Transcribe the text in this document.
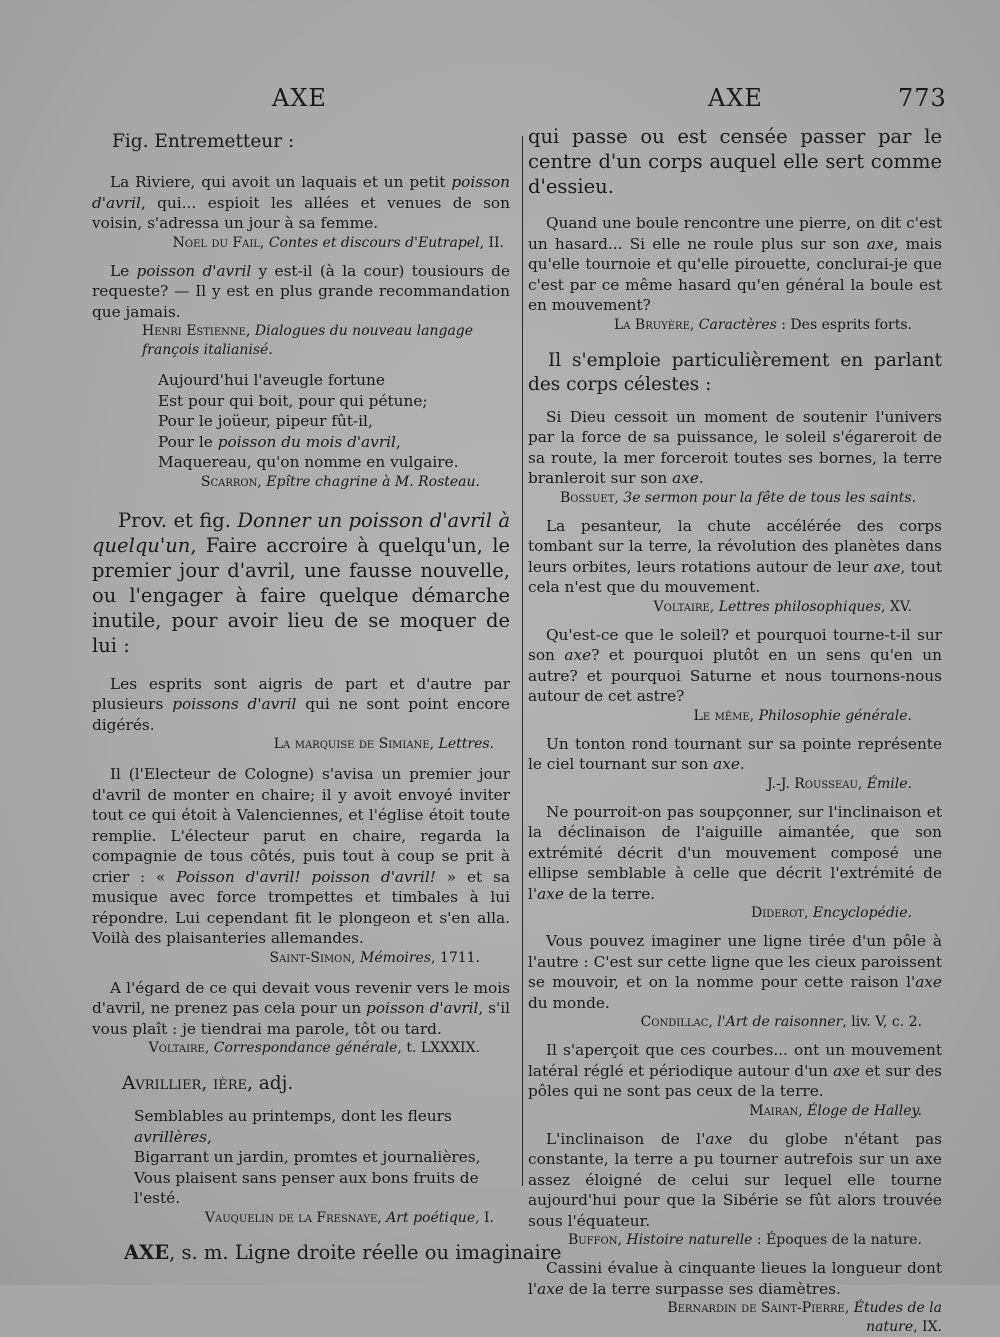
AXE	AXE	773

Fig. Entremetteur :

La Riviere, qui avoit un laquais et un petit poisson d'avril, qui... espioit les allées et venues de son voisin, s'adressa un jour à sa femme.

Noel du Fail, Contes et discours d'Eutrapel, II.

Le poisson d'avril y est-il (à la cour) tousiours de requeste? — Il y est en plus grande recommandation que jamais.

Henri Estienne, Dialogues du nouveau langage françois italianisé.

Aujourd'hui l'aveugle fortune

Est pour qui boit, pour qui pétune;

Pour le joüeur, pipeur fût-il,

Pour le poisson du mois d'avril,

Maquereau, qu'on nomme en vulgaire.

Scarron, Epître chagrine à M. Rosteau.

Prov. et fig. Donner un poisson d'avril à quelqu'un, Faire accroire à quelqu'un, le premier jour d'avril, une fausse nouvelle, ou l'engager à faire quelque démarche inutile, pour avoir lieu de se moquer de lui :

Les esprits sont aigris de part et d'autre par plusieurs poissons d'avril qui ne sont point encore digérés.

La marquise de Simiane, Lettres.

Il (l'Electeur de Cologne) s'avisa un premier jour d'avril de monter en chaire; il y avoit envoyé inviter tout ce qui étoit à Valenciennes, et l'église étoit toute remplie. L'électeur parut en chaire, regarda la compagnie de tous côtés, puis tout à coup se prit à crier : « Poisson d'avril! poisson d'avril! » et sa musique avec force trompettes et timbales à lui répondre. Lui cependant fit le plongeon et s'en alla. Voilà des plaisanteries allemandes.

Saint-Simon, Mémoires, 1711.

A l'égard de ce qui devait vous revenir vers le mois d'avril, ne prenez pas cela pour un poisson d'avril, s'il vous plaît : je tiendrai ma parole, tôt ou tard.

Voltaire, Correspondance générale, t. LXXXIX.

Avrillier, ière, adj.

Semblables au printemps, dont les fleurs avrillères,

Bigarrant un jardin, promtes et journalières,

Vous plaisent sans penser aux bons fruits de l'esté.

Vauquelin de la Fresnaye, Art poétique, I.

AXE, s. m. Ligne droite réelle ou imaginaire

qui passe ou est censée passer par le centre d'un corps auquel elle sert comme d'essieu.

Quand une boule rencontre une pierre, on dit c'est un hasard... Si elle ne roule plus sur son axe, mais qu'elle tournoie et qu'elle pirouette, conclurai-je que c'est par ce même hasard qu'en général la boule est en mouvement?

La Bruyère, Caractères : Des esprits forts.

Il s'emploie particulièrement en parlant des corps célestes :

Si Dieu cessoit un moment de soutenir l'univers par la force de sa puissance, le soleil s'égareroit de sa route, la mer forceroit toutes ses bornes, la terre branleroit sur son axe.

Bossuet, 3e sermon pour la fête de tous les saints.

La pesanteur, la chute accélérée des corps tombant sur la terre, la révolution des planètes dans leurs orbites, leurs rotations autour de leur axe, tout cela n'est que du mouvement.

Voltaire, Lettres philosophiques, XV.

Qu'est-ce que le soleil? et pourquoi tourne-t-il sur son axe? et pourquoi plutôt en un sens qu'en un autre? et pourquoi Saturne et nous tournons-nous autour de cet astre?

Le même, Philosophie générale.

Un tonton rond tournant sur sa pointe représente le ciel tournant sur son axe.

J.-J. Rousseau, Émile.

Ne pourroit-on pas soupçonner, sur l'inclinaison et la déclinaison de l'aiguille aimantée, que son extrémité décrit d'un mouvement composé une ellipse semblable à celle que décrit l'extrémité de l'axe de la terre.

Diderot, Encyclopédie.

Vous pouvez imaginer une ligne tirée d'un pôle à l'autre : C'est sur cette ligne que les cieux paroissent se mouvoir, et on la nomme pour cette raison l'axe du monde.

Condillac, l'Art de raisonner, liv. V, c. 2.

Il s'aperçoit que ces courbes... ont un mouvement latéral réglé et périodique autour d'un axe et sur des pôles qui ne sont pas ceux de la terre.

Mairan, Éloge de Halley.

L'inclinaison de l'axe du globe n'étant pas constante, la terre a pu tourner autrefois sur un axe assez éloigné de celui sur lequel elle tourne aujourd'hui pour que la Sibérie se fût alors trouvée sous l'équateur.

Buffon, Histoire naturelle : Époques de la nature.

Cassini évalue à cinquante lieues la longueur dont l'axe de la terre surpasse ses diamètres.

Bernardin de Saint-Pierre, Études de la nature, IX.
